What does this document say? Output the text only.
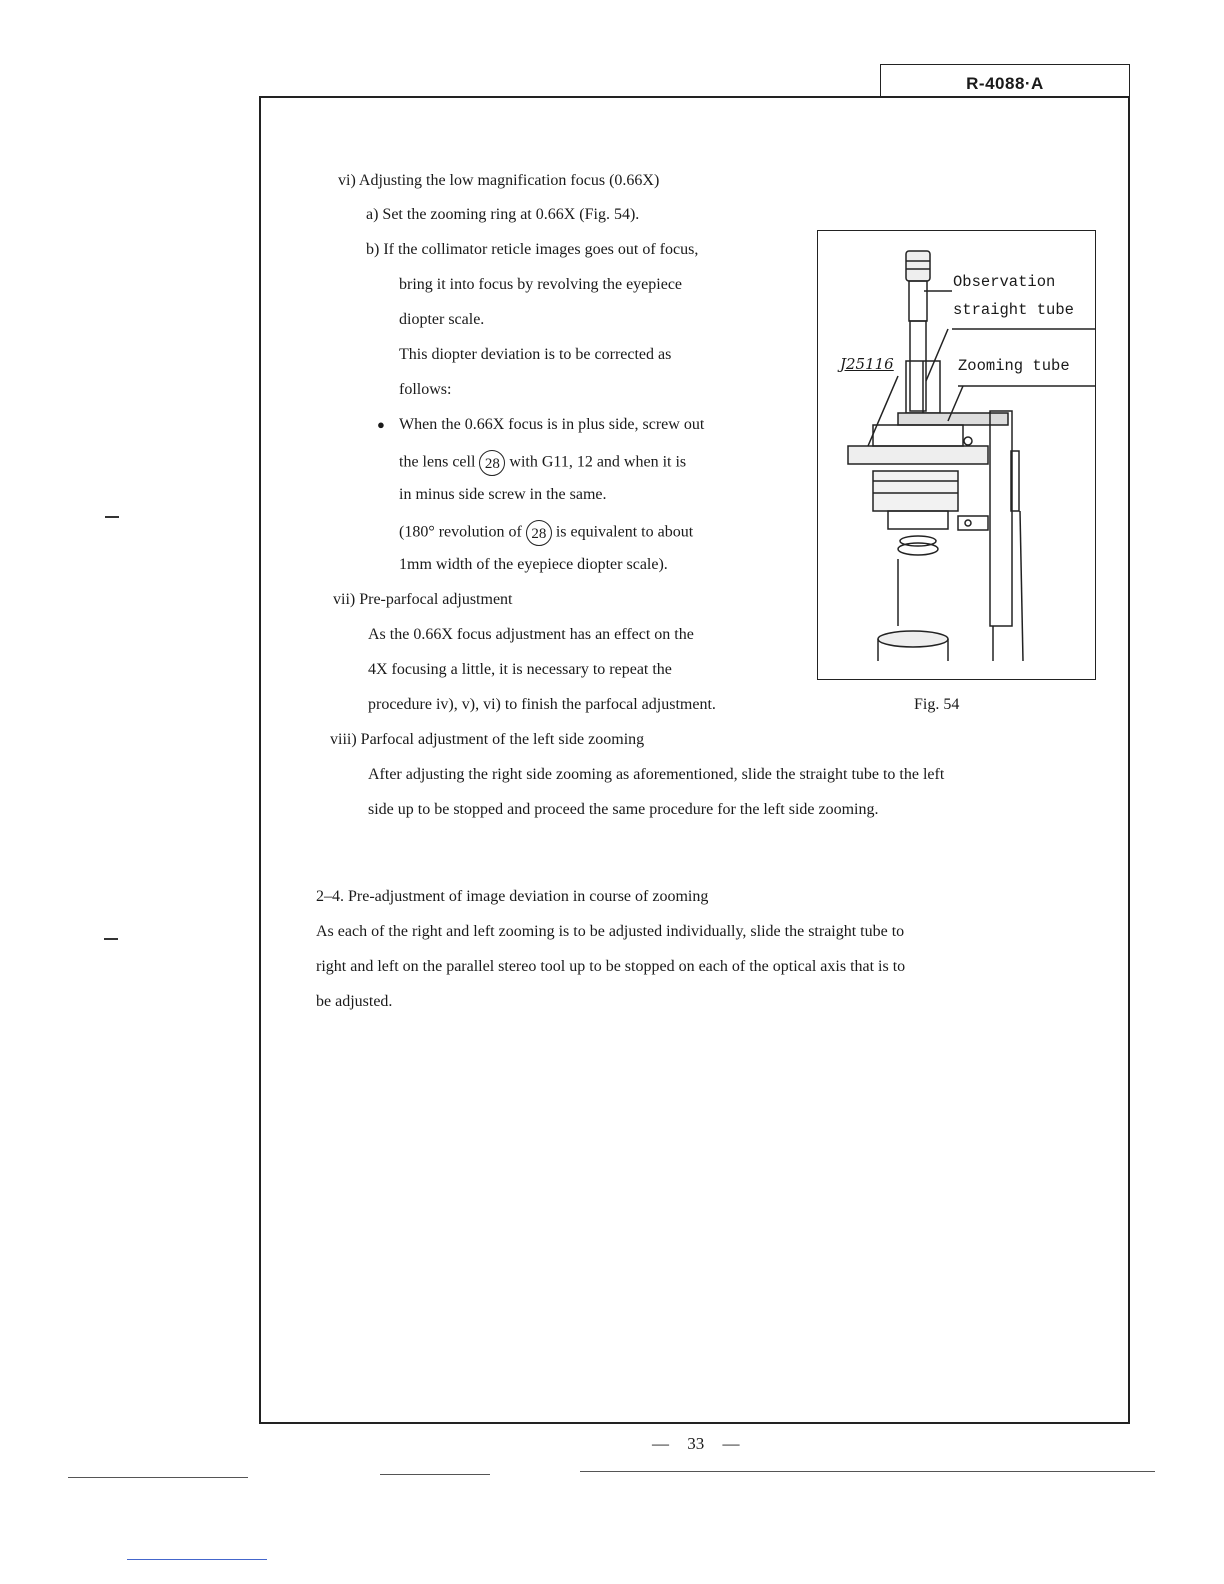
R-4088·A
vi) Adjusting the low magnification focus (0.66X)
a) Set the zooming ring at 0.66X (Fig. 54).
b) If the collimator reticle images goes out of focus,
bring it into focus by revolving the eyepiece
diopter scale.
This diopter deviation is to be corrected as
follows:
● When the 0.66X focus is in plus side, screw out
the lens cell 28 with G11, 12 and when it is
in minus side screw in the same.
(180° revolution of 28 is equivalent to about
1mm width of the eyepiece diopter scale).
vii) Pre-parfocal adjustment
As the 0.66X focus adjustment has an effect on the
4X focusing a little, it is necessary to repeat the
procedure iv), v), vi) to finish the parfocal adjustment.
viii) Parfocal adjustment of the left side zooming
After adjusting the right side zooming as aforementioned, slide the straight tube to the left
side up to be stopped and proceed the same procedure for the left side zooming.
2–4. Pre-adjustment of image deviation in course of zooming
As each of the right and left zooming is to be adjusted individually, slide the straight tube to
right and left on the parallel stereo tool up to be stopped on each of the optical axis that is to
be adjusted.
Observation
straight tube
Zooming tube
J25116
Fig. 54
— 33 —
